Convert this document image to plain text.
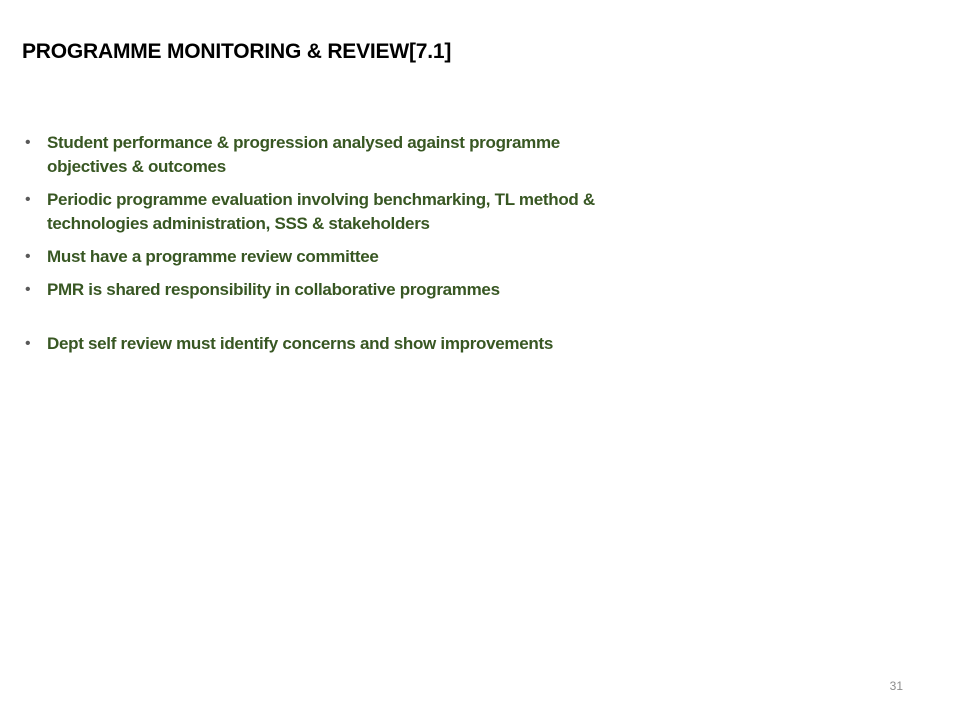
PROGRAMME MONITORING & REVIEW[7.1]
• Student performance & progression analysed against programme objectives & outcomes
• Periodic programme evaluation involving benchmarking, TL method & technologies administration, SSS & stakeholders
• Must have a programme review committee
• PMR is shared responsibility in collaborative programmes
• Dept self review must identify concerns and show improvements
31
